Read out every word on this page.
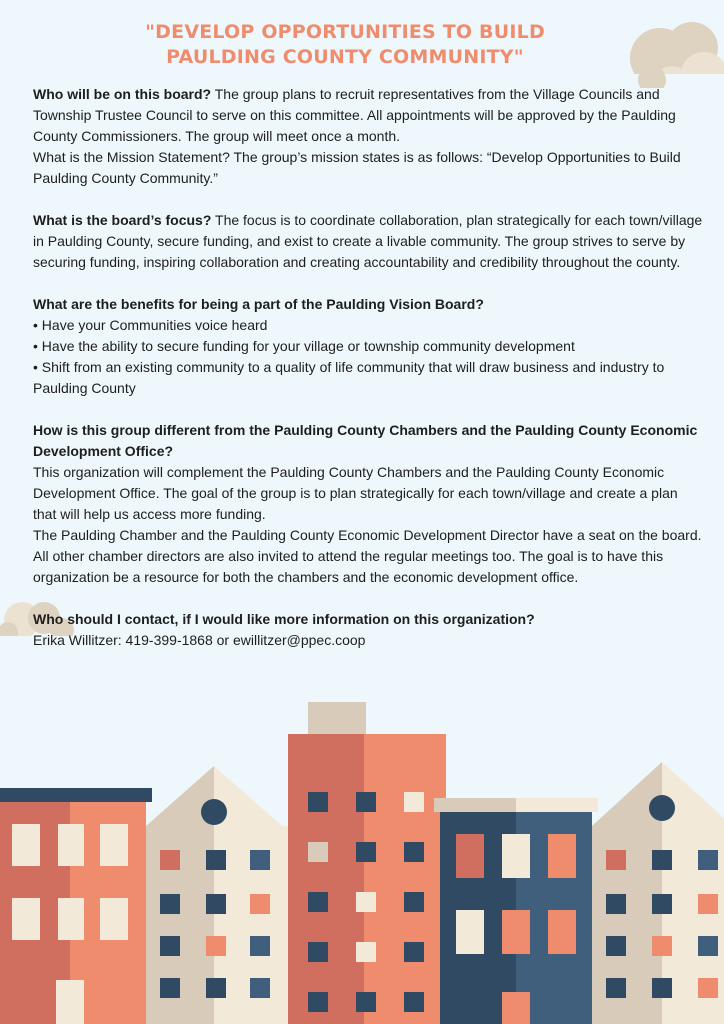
"DEVELOP OPPORTUNITIES TO BUILD
PAULDING COUNTY COMMUNITY"

Who will be on this board? The group plans to recruit representatives from the Village Councils and Township Trustee Council to serve on this committee. All appointments will be approved by the Paulding County Commissioners. The group will meet once a month.

What is the Mission Statement? The group’s mission states is as follows: “Develop Opportunities to Build Paulding County Community.”

What is the board’s focus? The focus is to coordinate collaboration, plan strategically for each town/village in Paulding County, secure funding, and exist to create a livable community. The group strives to serve by securing funding, inspiring collaboration and creating accountability and credibility throughout the county.

What are the benefits for being a part of the Paulding Vision Board?

• Have your Communities voice heard

• Have the ability to secure funding for your village or township community development

• Shift from an existing community to a quality of life community that will draw business and industry to Paulding County

How is this group different from the Paulding County Chambers and the Paulding County Economic Development Office?

This organization will complement the Paulding County Chambers and the Paulding County Economic Development Office. The goal of the group is to plan strategically for each town/village and create a plan that will help us access more funding.

The Paulding Chamber and the Paulding County Economic Development Director have a seat on the board. All other chamber directors are also invited to attend the regular meetings too. The goal is to have this organization be a resource for both the chambers and the economic development office.

Who should I contact, if I would like more information on this organization?

Erika Willitzer: 419-399-1868 or ewillitzer@ppec.coop
